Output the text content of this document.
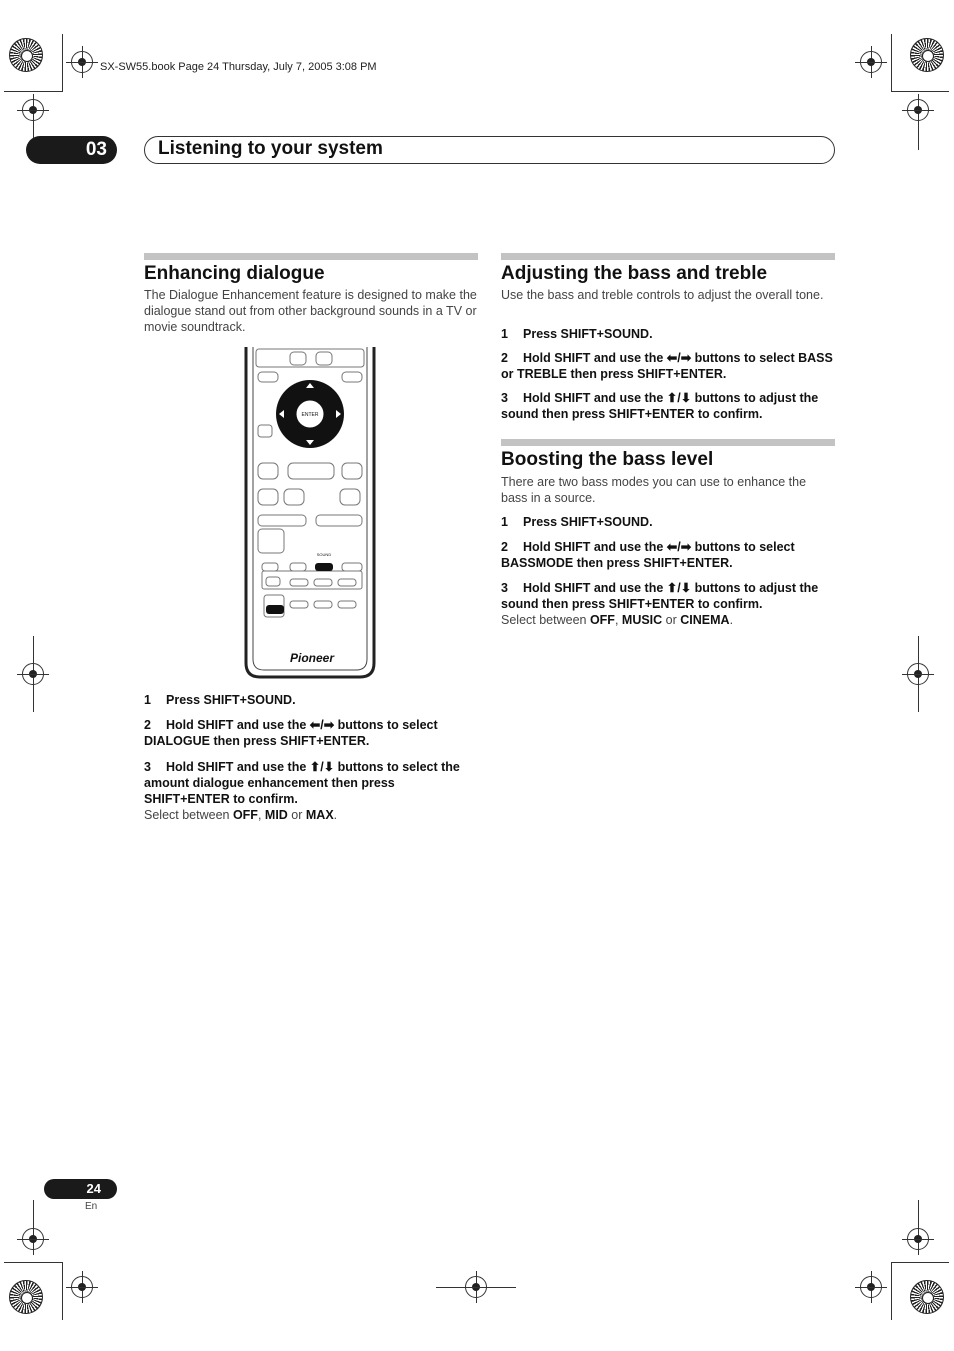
SX-SW55.book Page 24 Thursday, July 7, 2005 3:08 PM
03	Listening to your system
Enhancing dialogue
The Dialogue Enhancement feature is designed to make the dialogue stand out from other background sounds in a TV or movie soundtrack.
ENTER
SOUND
SHIFT
Pioneer
1 Press SHIFT+SOUND.
2 Hold SHIFT and use the ⬅/➡ buttons to select DIALOGUE then press SHIFT+ENTER.
3 Hold SHIFT and use the ⬆/⬇ buttons to select the amount dialogue enhancement then press SHIFT+ENTER to confirm.
Select between OFF, MID or MAX.
Adjusting the bass and treble
Use the bass and treble controls to adjust the overall tone.
1 Press SHIFT+SOUND.
2 Hold SHIFT and use the ⬅/➡ buttons to select BASS or TREBLE then press SHIFT+ENTER.
3 Hold SHIFT and use the ⬆/⬇ buttons to adjust the sound then press SHIFT+ENTER to confirm.
Boosting the bass level
There are two bass modes you can use to enhance the bass in a source.
1 Press SHIFT+SOUND.
2 Hold SHIFT and use the ⬅/➡ buttons to select BASSMODE then press SHIFT+ENTER.
3 Hold SHIFT and use the ⬆/⬇ buttons to adjust the sound then press SHIFT+ENTER to confirm.
Select between OFF, MUSIC or CINEMA.
24
En
